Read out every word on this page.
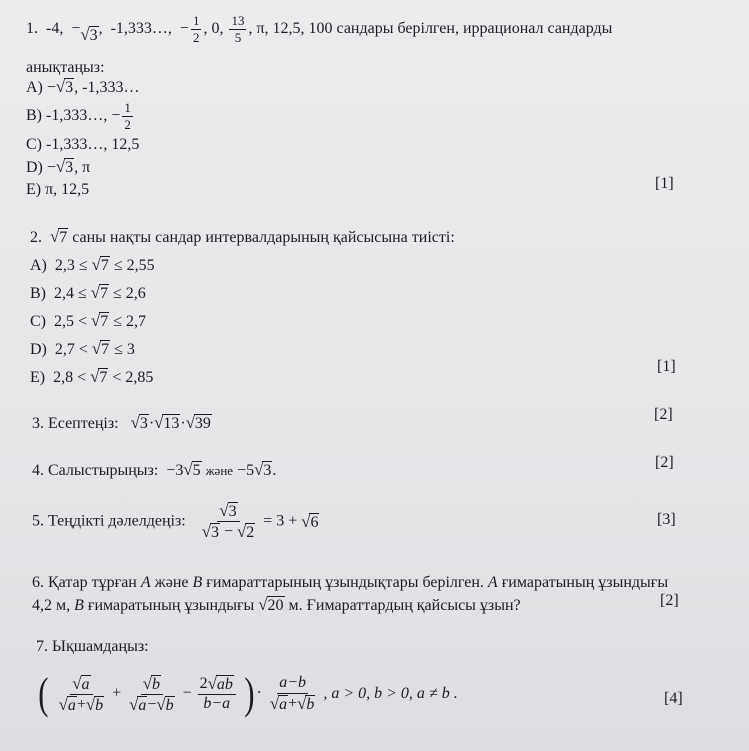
1. -4, − √ 3 , -1,333…, − $\frac{1}{2}$ , 0, $\frac{13}{5}$ , π, 12,5, 100 сандары берілген, иррационал сандарды
анықтаңыз:
A) − √ 3 , -1,333…
B) -1,333…, − $\frac{1}{2}$
C) -1,333…, 12,5
D) − √ 3 , π
E) π, 12,5	[1]
2. √ 7 саны нақты сандар интервалдарының қайсысына тиісті:
A) 2,3 ≤ √ 7 ≤ 2,55
B) 2,4 ≤ √ 7 ≤ 2,6
C) 2,5 < √ 7 ≤ 2,7
D) 2,7 < √ 7 ≤ 3
E) 2,8 < √ 7 < 2,85
[1]
3. Есептеңіз: √ 3 · √ 13 · √ 39
[2]
4. Салыстырыңыз: −3 √ 5 және −5 √ 3 .	[2]
5. Теңдікті дәлелдеңіз: $\frac{√ 3}{√ 3 - √ 2} = 3$ + √ 6	[3]
6. Қатар тұрған A және B ғимараттарының ұзындықтары берілген. A ғимаратының ұзындығы
4,2 м, B ғимаратының ұзындығы √ 20 м. Ғимараттардың қайсысы ұзын?	[2]
7. Ықшамдаңыз:
( $\frac{√ a}{√ a + √ b} + \frac{√ b}{√ a - √ b} - \frac{2 √ ab}{b-a}$ ) · $\frac{a-b}{√ a + √ b}$ , a > 0, b > 0, a ≠ b .	[4]
